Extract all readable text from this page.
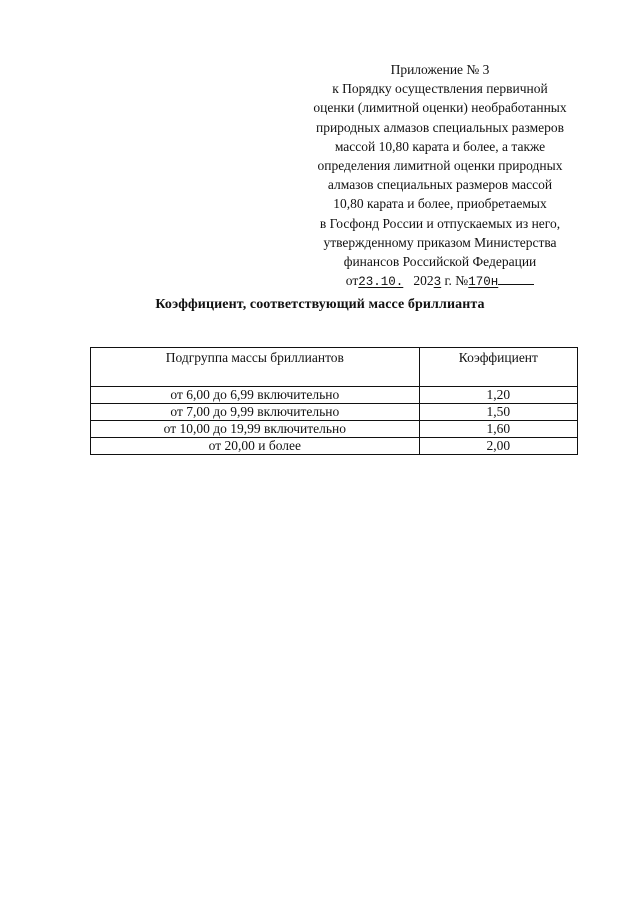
Приложение № 3
к Порядку осуществления первичной
оценки (лимитной оценки) необработанных
природных алмазов специальных размеров
массой 10,80 карата и более, а также
определения лимитной оценки природных
алмазов специальных размеров массой
10,80 карата и более, приобретаемых
в Госфонд России и отпускаемых из него,
утвержденному приказом Министерства
финансов Российской Федерации
от23.10. 2023 г. №170н
Коэффициент, соответствующий массе бриллианта
Подгруппа массы бриллиантов	Коэффициент
от 6,00 до 6,99 включительно	1,20
от 7,00 до 9,99 включительно	1,50
от 10,00 до 19,99 включительно	1,60
от 20,00 и более	2,00
